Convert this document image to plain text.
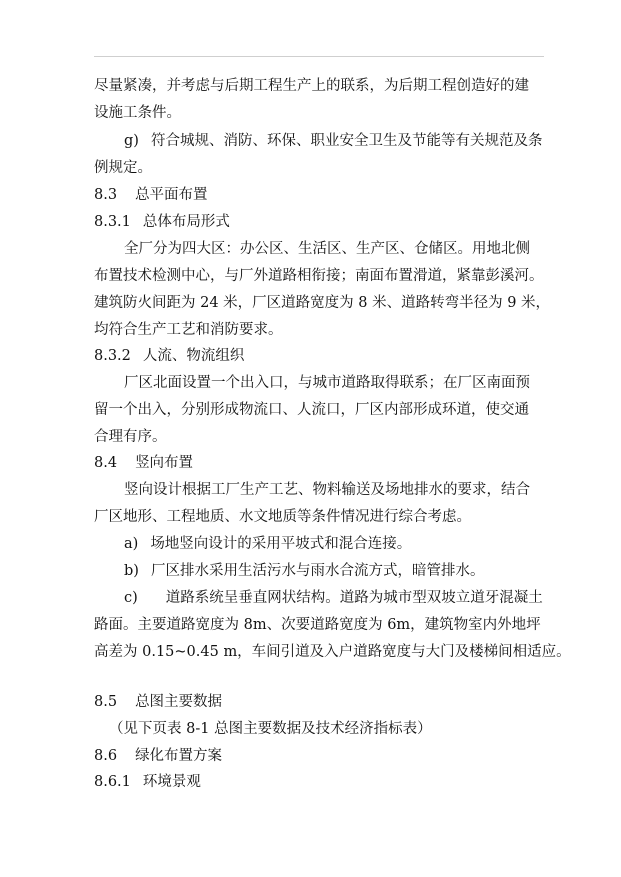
尽量紧凑，并考虑与后期工程生产上的联系，为后期工程创造好的建
设施工条件。
g) 符合城规、消防、环保、职业安全卫生及节能等有关规范及条
例规定。
8.3 总平面布置
8.3.1 总体布局形式
全厂分为四大区：办公区、生活区、生产区、仓储区。用地北侧
布置技术检测中心，与厂外道路相衔接；南面布置滑道，紧靠彭溪河。
建筑防火间距为 24 米，厂区道路宽度为 8 米、道路转弯半径为 9 米，
均符合生产工艺和消防要求。
8.3.2 人流、物流组织
厂区北面设置一个出入口，与城市道路取得联系；在厂区南面预
留一个出入，分别形成物流口、人流口，厂区内部形成环道，使交通
合理有序。
8.4 竖向布置
竖向设计根据工厂生产工艺、物料输送及场地排水的要求，结合
厂区地形、工程地质、水文地质等条件情况进行综合考虑。
a) 场地竖向设计的采用平坡式和混合连接。
b) 厂区排水采用生活污水与雨水合流方式，暗管排水。
c) 道路系统呈垂直网状结构。道路为城市型双坡立道牙混凝土
路面。主要道路宽度为 8m、次要道路宽度为 6m，建筑物室内外地坪
高差为 0.15~0.45 m，车间引道及入户道路宽度与大门及楼梯间相适应。
8.5 总图主要数据
（见下页表 8-1 总图主要数据及技术经济指标表）
8.6 绿化布置方案
8.6.1 环境景观
